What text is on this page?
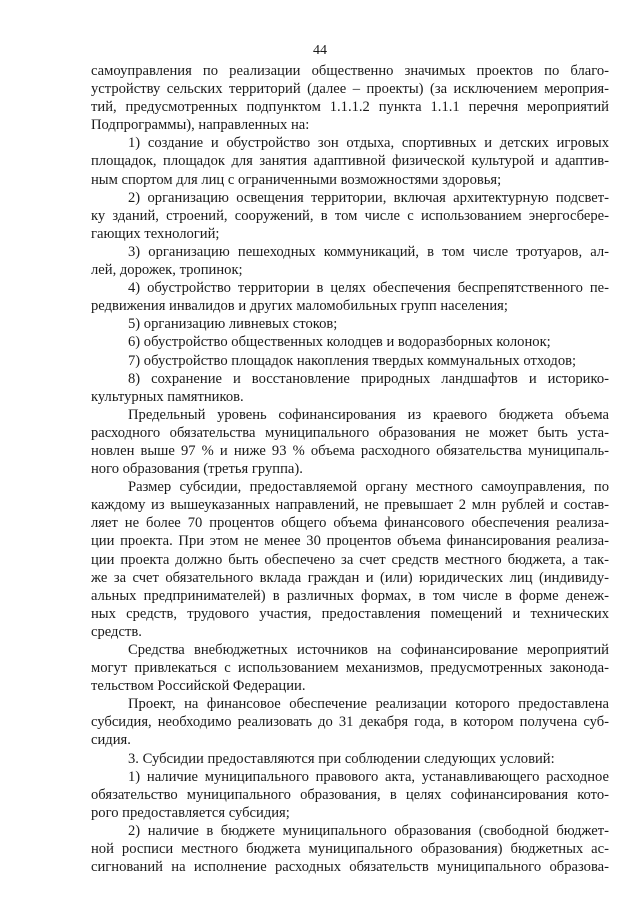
44
самоуправления по реализации общественно значимых проектов по благо-
устройству сельских территорий (далее – проекты) (за исключением мероприя-
тий, предусмотренных подпунктом 1.1.1.2 пункта 1.1.1 перечня мероприятий
Подпрограммы), направленных на:
1) создание и обустройство зон отдыха, спортивных и детских игровых
площадок, площадок для занятия адаптивной физической культурой и адаптив-
ным спортом для лиц с ограниченными возможностями здоровья;
2) организацию освещения территории, включая архитектурную подсвет-
ку зданий, строений, сооружений, в том числе с использованием энергосбере-
гающих технологий;
3) организацию пешеходных коммуникаций, в том числе тротуаров, ал-
лей, дорожек, тропинок;
4) обустройство территории в целях обеспечения беспрепятственного пе-
редвижения инвалидов и других маломобильных групп населения;
5) организацию ливневых стоков;
6) обустройство общественных колодцев и водоразборных колонок;
7) обустройство площадок накопления твердых коммунальных отходов;
8) сохранение и восстановление природных ландшафтов и историко-
культурных памятников.
Предельный уровень софинансирования из краевого бюджета объема
расходного обязательства муниципального образования не может быть уста-
новлен выше 97 % и ниже 93 % объема расходного обязательства муниципаль-
ного образования (третья группа).
Размер субсидии, предоставляемой органу местного самоуправления, по
каждому из вышеуказанных направлений, не превышает 2 млн рублей и состав-
ляет не более 70 процентов общего объема финансового обеспечения реализа-
ции проекта. При этом не менее 30 процентов объема финансирования реализа-
ции проекта должно быть обеспечено за счет средств местного бюджета, а так-
же за счет обязательного вклада граждан и (или) юридических лиц (индивиду-
альных предпринимателей) в различных формах, в том числе в форме денеж-
ных средств, трудового участия, предоставления помещений и технических
средств.
Средства внебюджетных источников на софинансирование мероприятий
могут привлекаться с использованием механизмов, предусмотренных законода-
тельством Российской Федерации.
Проект, на финансовое обеспечение реализации которого предоставлена
субсидия, необходимо реализовать до 31 декабря года, в котором получена суб-
сидия.
3. Субсидии предоставляются при соблюдении следующих условий:
1) наличие муниципального правового акта, устанавливающего расходное
обязательство муниципального образования, в целях софинансирования кото-
рого предоставляется субсидия;
2) наличие в бюджете муниципального образования (свободной бюджет-
ной росписи местного бюджета муниципального образования) бюджетных ас-
сигнований на исполнение расходных обязательств муниципального образова-
